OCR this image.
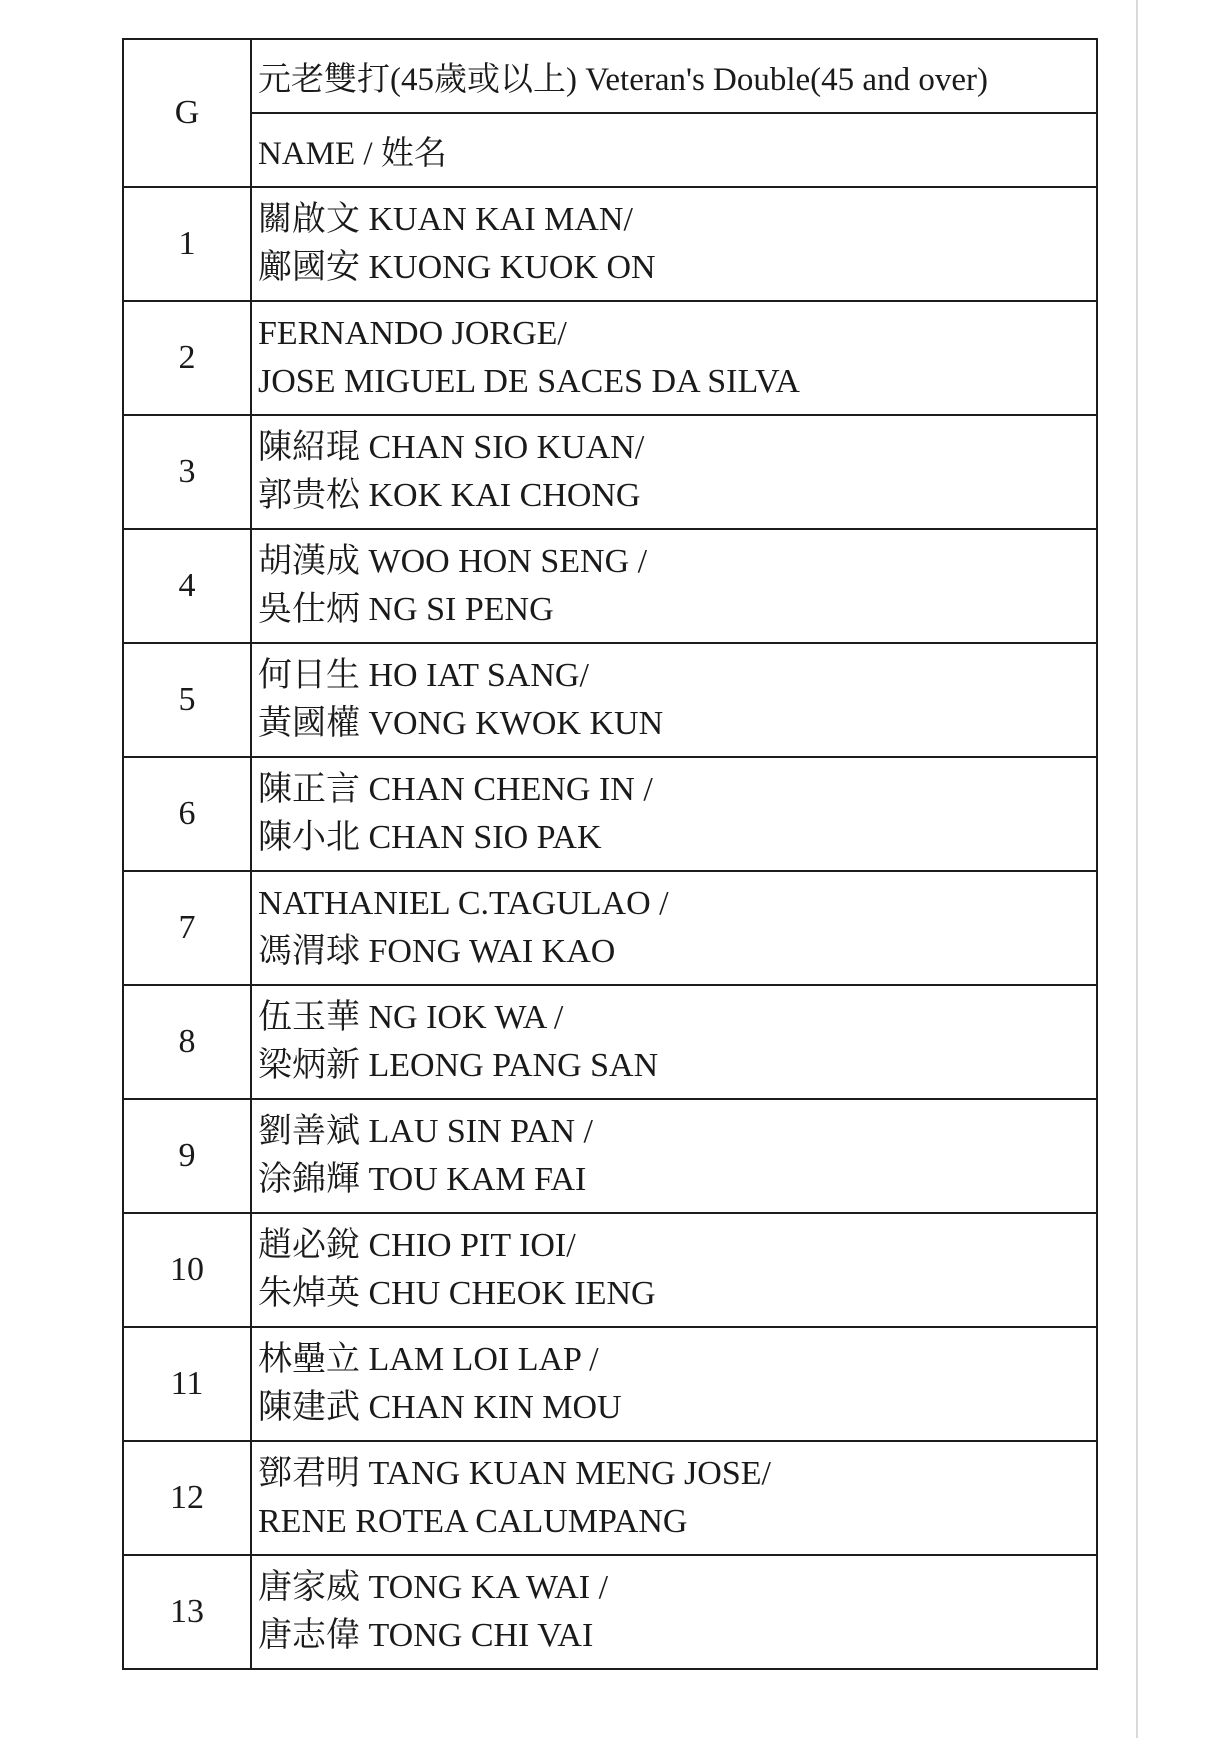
G	元老雙打(45歲或以上) Veteran's Double(45 and over)
	NAME / 姓名
1	關啟文 KUAN KAI MAN/
鄺國安 KUONG KUOK ON

2	FERNANDO JORGE/
JOSE MIGUEL DE SACES DA SILVA

3	陳紹琨 CHAN SIO KUAN/
郭贵松 KOK KAI CHONG

4	胡漢成 WOO HON SENG /
吳仕炳 NG SI PENG

5	何日生 HO IAT SANG/
黃國權 VONG KWOK KUN

6	陳正言 CHAN CHENG IN /
陳小北 CHAN SIO PAK

7	NATHANIEL C.TAGULAO /
馮渭球 FONG WAI KAO

8	伍玉華 NG IOK WA /
梁炳新 LEONG PANG SAN

9	劉善斌 LAU SIN PAN /
涂錦輝 TOU KAM FAI

10	趙必銳 CHIO PIT IOI/
朱焯英 CHU CHEOK IENG

11	林壘立 LAM LOI LAP /
陳建武 CHAN KIN MOU

12	鄧君明 TANG KUAN MENG JOSE/
RENE ROTEA CALUMPANG

13	唐家威 TONG KA WAI /
唐志偉 TONG CHI VAI
